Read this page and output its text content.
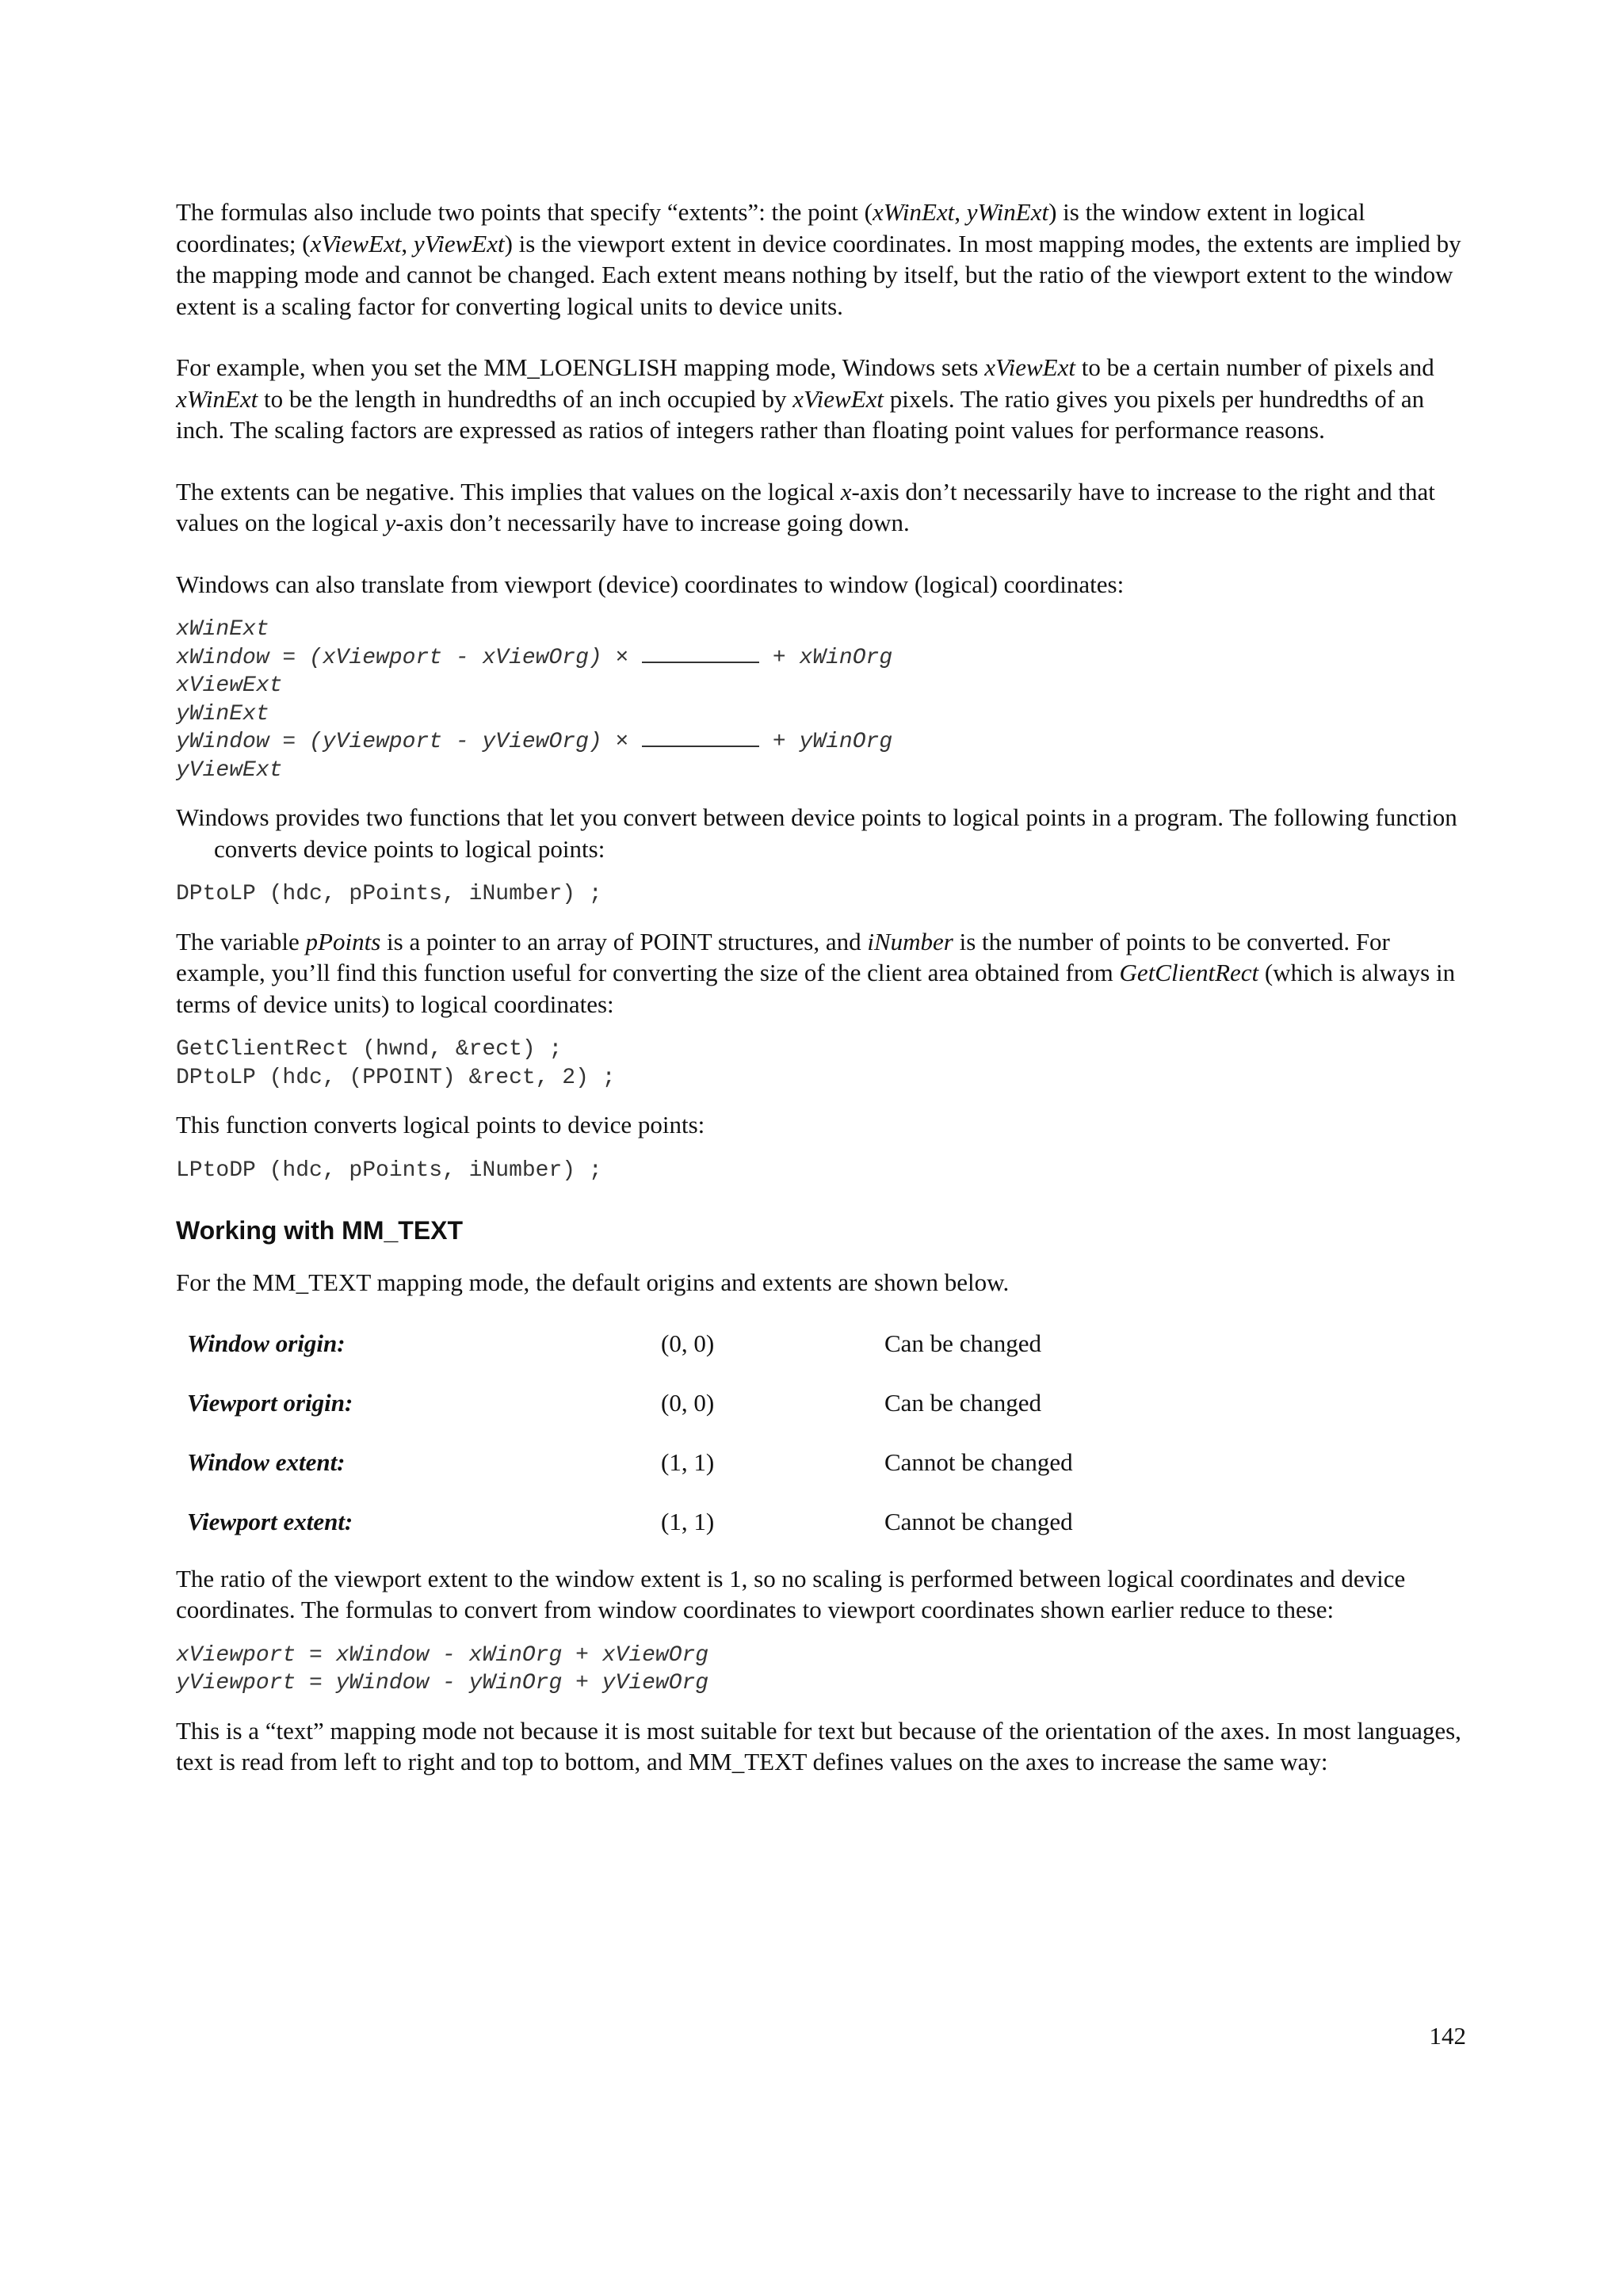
The formulas also include two points that specify “extents”: the point (xWinExt, yWinExt) is the window extent in logical coordinates; (xViewExt, yViewExt) is the viewport extent in device coordinates. In most mapping modes, the extents are implied by the mapping mode and cannot be changed. Each extent means nothing by itself, but the ratio of the viewport extent to the window extent is a scaling factor for converting logical units to device units.

For example, when you set the MM_LOENGLISH mapping mode, Windows sets xViewExt to be a certain number of pixels and xWinExt to be the length in hundredths of an inch occupied by xViewExt pixels. The ratio gives you pixels per hundredths of an inch. The scaling factors are expressed as ratios of integers rather than floating point values for performance reasons.

The extents can be negative. This implies that values on the logical x-axis don’t necessarily have to increase to the right and that values on the logical y-axis don’t necessarily have to increase going down.

Windows can also translate from viewport (device) coordinates to window (logical) coordinates:

xWinExt
xWindow = (xViewport - xViewOrg) ×	+ xWinOrg
xViewExt
yWinExt
yWindow = (yViewport - yViewOrg) ×	+ yWinOrg
yViewExt

Windows provides two functions that let you convert between device points to logical points in a program. The following function converts device points to logical points:

DPtoLP (hdc, pPoints, iNumber) ;

The variable pPoints is a pointer to an array of POINT structures, and iNumber is the number of points to be converted. For example, you’ll find this function useful for converting the size of the client area obtained from GetClientRect (which is always in terms of device units) to logical coordinates:

GetClientRect (hwnd, &rect) ;
DPtoLP (hdc, (PPOINT) &rect, 2) ;

This function converts logical points to device points:

LPtoDP (hdc, pPoints, iNumber) ;
Working with MM_TEXT

For the MM_TEXT mapping mode, the default origins and extents are shown below.

Window origin:	(0, 0)	Can be changed
Viewport origin:	(0, 0)	Can be changed
Window extent:	(1, 1)	Cannot be changed
Viewport extent:	(1, 1)	Cannot be changed

The ratio of the viewport extent to the window extent is 1, so no scaling is performed between logical coordinates and device coordinates. The formulas to convert from window coordinates to viewport coordinates shown earlier reduce to these:

xViewport = xWindow - xWinOrg + xViewOrg
yViewport = yWindow - yWinOrg + yViewOrg

This is a “text” mapping mode not because it is most suitable for text but because of the orientation of the axes. In most languages, text is read from left to right and top to bottom, and MM_TEXT defines values on the axes to increase the same way:

142
